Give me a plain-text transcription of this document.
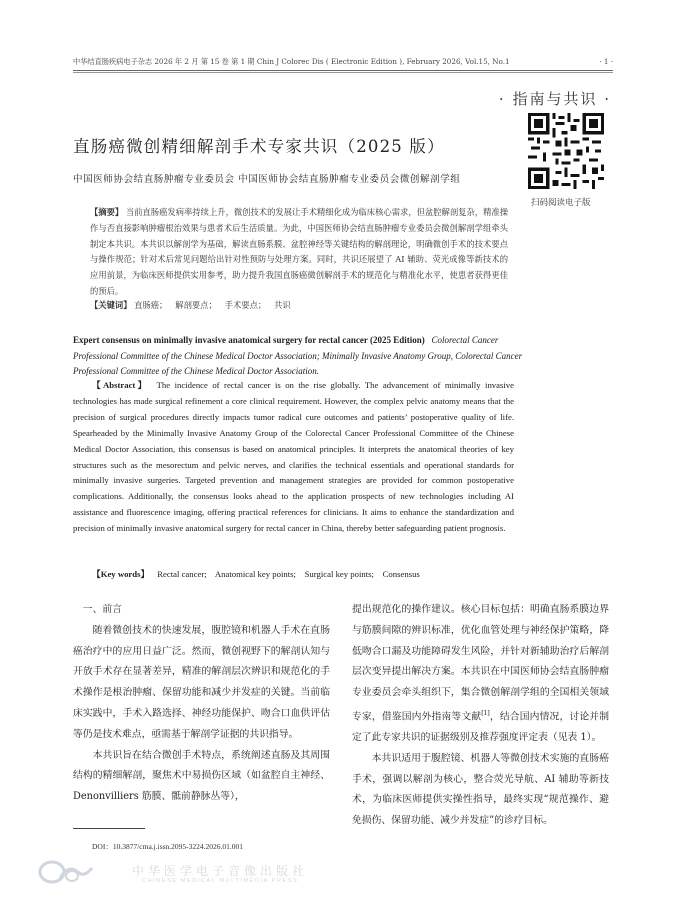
中华结直肠疾病电子杂志 2026 年 2 月 第 15 卷 第 1 期 Chin J Colorec Dis ( Electronic Edition ), February 2026, Vol.15, No.1	· 1 ·
· 指南与共识 ·
扫码阅读电子版
直肠癌微创精细解剖手术专家共识（2025 版）
中国医师协会结直肠肿瘤专业委员会 中国医师协会结直肠肿瘤专业委员会微创解剖学组
【摘要】 当前直肠癌发病率持续上升，微创技术的发展让手术精细化成为临床核心需求，但盆腔解剖复杂，精准操作与否直接影响肿瘤根治效果与患者术后生活质量。为此，中国医师协会结直肠肿瘤专业委员会微创解剖学组牵头制定本共识。本共识以解剖学为基础，解读直肠系膜、盆腔神经等关键结构的解剖理论，明确微创手术的技术要点与操作规范；针对术后常见问题给出针对性预防与处理方案。同时，共识还展望了 AI 辅助、荧光成像等新技术的应用前景，为临床医师提供实用参考，助力提升我国直肠癌微创解剖手术的规范化与精准化水平，使患者获得更佳的预后。
【关键词】 直肠癌； 解剖要点； 手术要点； 共识
Expert consensus on minimally invasive anatomical surgery for rectal cancer (2025 Edition) Colorectal Cancer Professional Committee of the Chinese Medical Doctor Association; Minimally Invasive Anatomy Group, Colorectal Cancer Professional Committee of the Chinese Medical Doctor Association.
【Abstract】 The incidence of rectal cancer is on the rise globally. The advancement of minimally invasive technologies has made surgical refinement a core clinical requirement. However, the complex pelvic anatomy means that the precision of surgical procedures directly impacts tumor radical cure outcomes and patients’ postoperative quality of life. Spearheaded by the Minimally Invasive Anatomy Group of the Colorectal Cancer Professional Committee of the Chinese Medical Doctor Association, this consensus is based on anatomical principles. It interprets the anatomical theories of key structures such as the mesorectum and pelvic nerves, and clarifies the technical essentials and operational standards for minimally invasive surgeries. Targeted prevention and management strategies are provided for common postoperative complications. Additionally, the consensus looks ahead to the application prospects of new technologies including AI assistance and fluorescence imaging, offering practical references for clinicians. It aims to enhance the standardization and precision of minimally invasive anatomical surgery for rectal cancer in China, thereby better safeguarding patient prognosis.
【Key words】 Rectal cancer;    Anatomical key points;    Surgical key points;    Consensus
一、前言

随着微创技术的快速发展，腹腔镜和机器人手术在直肠癌治疗中的应用日益广泛。然而，微创视野下的解剖认知与开放手术存在显著差异，精准的解剖层次辨识和规范化的手术操作是根治肿瘤、保留功能和减少并发症的关键。当前临床实践中，手术入路选择、神经功能保护、吻合口血供评估等仍是技术难点，亟需基于解剖学证据的共识指导。

本共识旨在结合微创手术特点，系统阐述直肠及其周围结构的精细解剖，聚焦术中易损伤区域（如盆腔自主神经、Denonvilliers 筋膜、骶前静脉丛等），

提出规范化的操作建议。核心目标包括：明确直肠系膜边界与筋膜间隙的辨识标准，优化血管处理与神经保护策略，降低吻合口漏及功能障碍发生风险，并针对新辅助治疗后解剖层次变异提出解决方案。本共识在中国医师协会结直肠肿瘤专业委员会牵头组织下，集合微创解剖学组的全国相关领域专家，借鉴国内外指南等文献[1]，结合国内情况，讨论并制定了此专家共识的证据级别及推荐强度评定表（见表 1）。

本共识适用于腹腔镜、机器人等微创技术实施的直肠癌手术，强调以解剖为核心，整合荧光导航、AI 辅助等新技术，为临床医师提供实操性指导，最终实现“规范操作、避免损伤、保留功能、减少并发症”的诊疗目标。

DOI：10.3877/cma.j.issn.2095-3224.2026.01.001
中华医学电子音像出版社
CHINESE MEDICAL MULTIMEDIA PRESS
